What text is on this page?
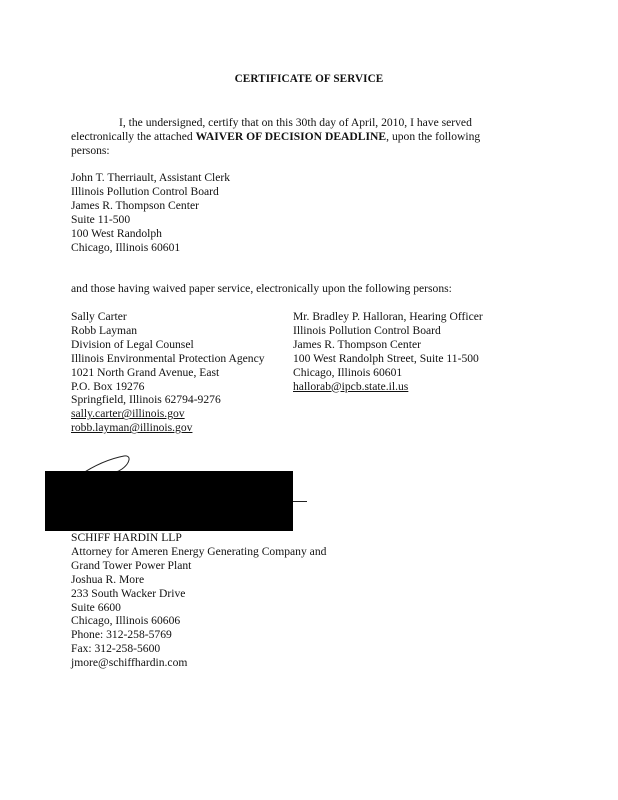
CERTIFICATE OF SERVICE
I, the undersigned, certify that on this 30th day of April, 2010, I have served electronically the attached WAIVER OF DECISION DEADLINE, upon the following persons:
John T. Therriault, Assistant Clerk
Illinois Pollution Control Board
James R. Thompson Center
Suite 11-500
100 West Randolph
Chicago, Illinois 60601
and those having waived paper service, electronically upon the following persons:
Sally Carter
Robb Layman
Division of Legal Counsel
Illinois Environmental Protection Agency
1021 North Grand Avenue, East
P.O. Box 19276
Springfield, Illinois 62794-9276
sally.carter@illinois.gov
robb.layman@illinois.gov
Mr. Bradley P. Halloran, Hearing Officer
Illinois Pollution Control Board
James R. Thompson Center
100 West Randolph Street, Suite 11-500
Chicago, Illinois 60601
hallorab@ipcb.state.il.us
SCHIFF HARDIN LLP
Attorney for Ameren Energy Generating Company and
Grand Tower Power Plant
Joshua R. More
233 South Wacker Drive
Suite 6600
Chicago, Illinois 60606
Phone: 312-258-5769
Fax: 312-258-5600
jmore@schiffhardin.com
